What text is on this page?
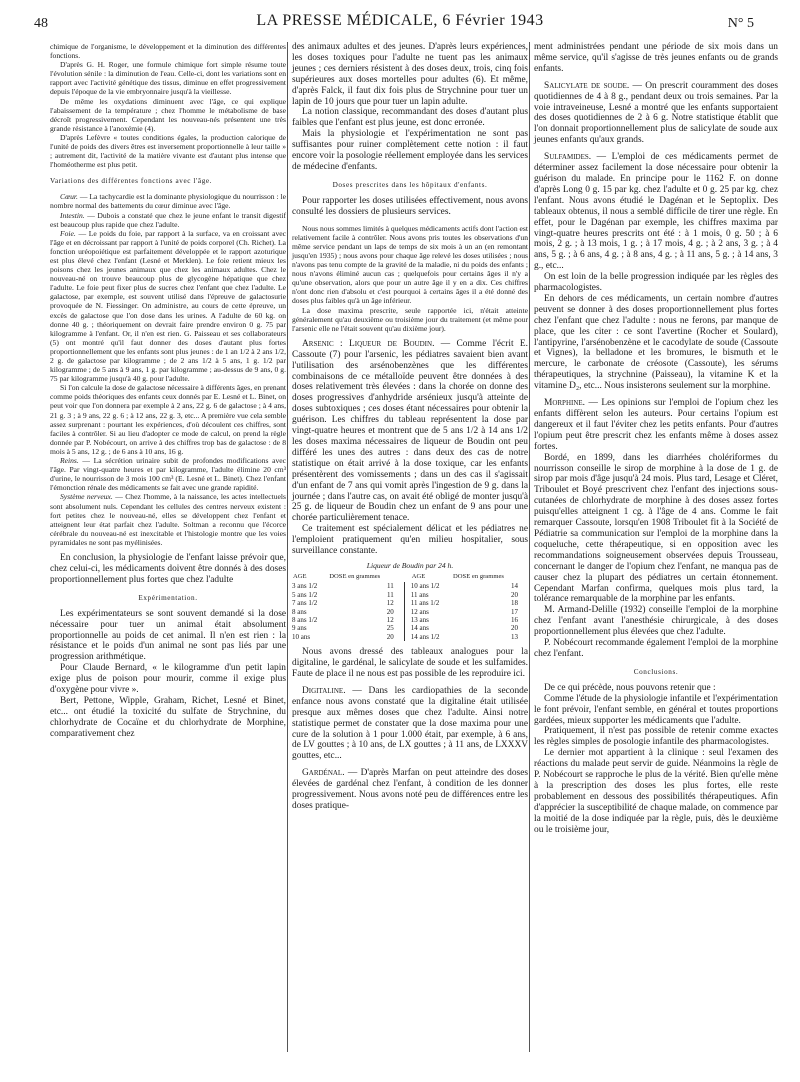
48	LA PRESSE MÉDICALE, 6 Février 1943	N° 5

chimique de l'organisme, le développement et la diminution des différentes fonctions.

D'après G. H. Roger, une formule chimique fort simple résume toute l'évolution sénile : la diminution de l'eau. Celle-ci, dont les variations sont en rapport avec l'activité génétique des tissus, diminue en effet progressivement depuis l'époque de la vie embryonnaire jusqu'à la vieillesse.

De même les oxydations diminuent avec l'âge, ce qui explique l'abaissement de la température ; chez l'homme le métabolisme de base décroît progressivement. Cependant les nouveau-nés présentent une très grande résistance à l'anoxémie (4).

D'après Lefèvre « toutes conditions égales, la production calorique de l'unité de poids des divers êtres est inversement proportionnelle à leur taille » ; autrement dit, l'activité de la matière vivante est d'autant plus intense que l'homéotherme est plus petit.

Variations des différentes fonctions avec l'âge.

Cœur. — La tachycardie est la dominante physiologique du nourrisson : le nombre normal des battements du cœur diminue avec l'âge.

Intestin. — Dubois a constaté que chez le jeune enfant le transit digestif est beaucoup plus rapide que chez l'adulte.

Foie. — Le poids du foie, par rapport à la surface, va en croissant avec l'âge et en décroissant par rapport à l'unité de poids corporel (Ch. Richet). La fonction uréopoiétique est parfaitement développée et le rapport azoturique est plus élevé chez l'enfant (Lesné et Merklen). Le foie retient mieux les poisons chez les jeunes animaux que chez les animaux adultes. Chez le nouveau-né on trouve beaucoup plus de glycogène hépatique que chez l'adulte. Le foie peut fixer plus de sucres chez l'enfant que chez l'adulte. Le galactose, par exemple, est souvent utilisé dans l'épreuve de galactosurie provoquée de N. Fiessinger. On administre, au cours de cette épreuve, un excès de galactose que l'on dose dans les urines. A l'adulte de 60 kg. on donne 40 g. ; théoriquement on devrait faire prendre environ 0 g. 75 par kilogramme à l'enfant. Or, il n'en est rien. G. Paisseau et ses collaborateurs (5) ont montré qu'il faut donner des doses d'autant plus fortes proportionnellement que les enfants sont plus jeunes : de 1 an 1/2 à 2 ans 1/2, 2 g. de galactose par kilogramme ; de 2 ans 1/2 à 5 ans, 1 g. 1/2 par kilogramme ; de 5 ans à 9 ans, 1 g. par kilogramme ; au-dessus de 9 ans, 0 g. 75 par kilogramme jusqu'à 40 g. pour l'adulte.

Si l'on calcule la dose de galactose nécessaire à différents âges, en prenant comme poids théoriques des enfants ceux donnés par E. Lesné et L. Binet, on peut voir que l'on donnera par exemple à 2 ans, 22 g. 6 de galactose ; à 4 ans, 21 g. 3 ; à 9 ans, 22 g. 6 ; à 12 ans, 22 g. 3, etc... A première vue cela semble assez surprenant : pourtant les expériences, d'où découlent ces chiffres, sont faciles à contrôler. Si au lieu d'adopter ce mode de calcul, on prend la règle donnée par P. Nobécourt, on arrive à des chiffres trop bas de galactose : de 8 mois à 5 ans, 12 g. ; de 6 ans à 10 ans, 16 g.

Reins. — La sécrétion urinaire subit de profondes modifications avec l'âge. Par vingt-quatre heures et par kilogramme, l'adulte élimine 20 cm³ d'urine, le nourrisson de 3 mois 100 cm³ (E. Lesné et L. Binet). Chez l'enfant l'émonction rénale des médicaments se fait avec une grande rapidité.

Système nerveux. — Chez l'homme, à la naissance, les actes intellectuels sont absolument nuls. Cependant les cellules des centres nerveux existent : fort petites chez le nouveau-né, elles se développent chez l'enfant et atteignent leur état parfait chez l'adulte. Soltman a reconnu que l'écorce cérébrale du nouveau-né est inexcitable et l'histologie montre que les voies pyramidales ne sont pas myélinisées.

En conclusion, la physiologie de l'enfant laisse prévoir que, chez celui-ci, les médicaments doivent être donnés à des doses proportionnellement plus fortes que chez l'adulte

Expérimentation.

Les expérimentateurs se sont souvent demandé si la dose nécessaire pour tuer un animal était absolument proportionnelle au poids de cet animal. Il n'en est rien : la résistance et le poids d'un animal ne sont pas liés par une progression arithmétique.

Pour Claude Bernard, « le kilogramme d'un petit lapin exige plus de poison pour mourir, comme il exige plus d'oxygène pour vivre ».

Bert, Pettone, Wipple, Graham, Richet, Lesné et Binet, etc... ont étudié la toxicité du sulfate de Strychnine, du chlorhydrate de Cocaïne et du chlorhydrate de Morphine, comparativement chez

des animaux adultes et des jeunes. D'après leurs expériences, les doses toxiques pour l'adulte ne tuent pas les animaux jeunes ; ces derniers résistent à des doses deux, trois, cinq fois supérieures aux doses mortelles pour adultes (6). Et même, d'après Falck, il faut dix fois plus de Strychnine pour tuer un lapin de 10 jours que pour tuer un lapin adulte.

La notion classique, recommandant des doses d'autant plus faibles que l'enfant est plus jeune, est donc erronée.

Mais la physiologie et l'expérimentation ne sont pas suffisantes pour ruiner complètement cette notion : il faut encore voir la posologie réellement employée dans les services de médecine d'enfants.

Doses prescrites dans les hôpitaux d'enfants.

Pour rapporter les doses utilisées effectivement, nous avons consulté les dossiers de plusieurs services.

Nous nous sommes limités à quelques médicaments actifs dont l'action est relativement facile à contrôler. Nous avons pris toutes les observations d'un même service pendant un laps de temps de six mois à un an (en remontant jusqu'en 1935) ; nous avons pour chaque âge relevé les doses utilisées ; nous n'avons pas tenu compte de la gravité de la maladie, ni du poids des enfants ; nous n'avons éliminé aucun cas ; quelquefois pour certains âges il n'y a qu'une observation, alors que pour un autre âge il y en a dix. Ces chiffres n'ont donc rien d'absolu et c'est pourquoi à certains âges il a été donné des doses plus faibles qu'à un âge inférieur.

La dose maxima prescrite, seule rapportée ici, n'était atteinte généralement qu'au deuxième ou troisième jour du traitement (et même pour l'arsenic elle ne l'était souvent qu'au dixième jour).

Arsenic : Liqueur de Boudin. — Comme l'écrit E. Cassoute (7) pour l'arsenic, les pédiatres savaient bien avant l'utilisation des arsénobenzènes que les différentes combinaisons de ce métalloïde peuvent être données à des doses relativement très élevées : dans la chorée on donne des doses progressives d'anhydride arsénieux jusqu'à atteinte de doses subtoxiques ; ces doses étant nécessaires pour obtenir la guérison. Les chiffres du tableau représentent la dose par vingt-quatre heures et montrent que de 5 ans 1/2 à 14 ans 1/2 les doses maxima nécessaires de liqueur de Boudin ont peu différé les unes des autres : dans deux des cas de notre statistique on était arrivé à la dose toxique, car les enfants présentèrent des vomissements ; dans un des cas il s'agissait d'un enfant de 7 ans qui vomit après l'ingestion de 9 g. dans la journée ; dans l'autre cas, on avait été obligé de monter jusqu'à 25 g. de liqueur de Boudin chez un enfant de 9 ans pour une chorée particulièrement tenace.

Ce traitement est spécialement délicat et les pédiatres ne l'emploient pratiquement qu'en milieu hospitalier, sous surveillance constante.

Liqueur de Boudin par 24 h.

AGE	DOSE en grammes		AGE	DOSE en grammes
3 ans 1/2	11		10 ans 1/2	14
5 ans 1/2	11		11 ans	20
7 ans 1/2	12		11 ans 1/2	18
8 ans	20		12 ans	17
8 ans 1/2	12		13 ans	16
9 ans	25		14 ans	20
10 ans	20		14 ans 1/2	13

Nous avons dressé des tableaux analogues pour la digitaline, le gardénal, le salicylate de soude et les sulfamides. Faute de place il ne nous est pas possible de les reproduire ici.

Digitaline. — Dans les cardiopathies de la seconde enfance nous avons constaté que la digitaline était utilisée presque aux mêmes doses que chez l'adulte. Ainsi notre statistique permet de constater que la dose maxima pour une cure de la solution à 1 pour 1.000 était, par exemple, à 6 ans, de LV gouttes ; à 10 ans, de LX gouttes ; à 11 ans, de LXXXV gouttes, etc...

Gardénal. — D'après Marfan on peut atteindre des doses élevées de gardénal chez l'enfant, à condition de les donner progressivement. Nous avons noté peu de différences entre les doses pratique-

ment administrées pendant une période de six mois dans un même service, qu'il s'agisse de très jeunes enfants ou de grands enfants.

Salicylate de soude. — On prescrit couramment des doses quotidiennes de 4 à 8 g., pendant deux ou trois semaines. Par la voie intraveineuse, Lesné a montré que les enfants supportaient des doses quotidiennes de 2 à 6 g. Notre statistique établit que l'on donnait proportionnellement plus de salicylate de soude aux jeunes enfants qu'aux grands.

Sulfamides. — L'emploi de ces médicaments permet de déterminer assez facilement la dose nécessaire pour obtenir la guérison du malade. En principe pour le 1162 F. on donne d'après Long 0 g. 15 par kg. chez l'adulte et 0 g. 25 par kg. chez l'enfant. Nous avons étudié le Dagénan et le Septoplix. Des tableaux obtenus, il nous a semblé difficile de tirer une règle. En effet, pour le Dagénan par exemple, les chiffres maxima par vingt-quatre heures prescrits ont été : à 1 mois, 0 g. 50 ; à 6 mois, 2 g. ; à 13 mois, 1 g. ; à 17 mois, 4 g. ; à 2 ans, 3 g. ; à 4 ans, 5 g. ; à 6 ans, 4 g. ; à 8 ans, 4 g. ; à 11 ans, 5 g. ; à 14 ans, 3 g., etc...

On est loin de la belle progression indiquée par les règles des pharmacologistes.

En dehors de ces médicaments, un certain nombre d'autres peuvent se donner à des doses proportionnellement plus fortes chez l'enfant que chez l'adulte : nous ne ferons, par manque de place, que les citer : ce sont l'avertine (Rocher et Soulard), l'antipyrine, l'arsénobenzène et le cacodylate de soude (Cassoute et Vignes), la belladone et les bromures, le bismuth et le mercure, le carbonate de créosote (Cassoute), les sérums thérapeutiques, la strychnine (Paisseau), la vitamine K et la vitamine D₂, etc... Nous insisterons seulement sur la morphine.

Morphine. — Les opinions sur l'emploi de l'opium chez les enfants diffèrent selon les auteurs. Pour certains l'opium est dangereux et il faut l'éviter chez les petits enfants. Pour d'autres l'opium peut être prescrit chez les enfants même à doses assez fortes.

Bordé, en 1899, dans les diarrhées cholériformes du nourrisson conseille le sirop de morphine à la dose de 1 g. de sirop par mois d'âge jusqu'à 24 mois. Plus tard, Lesage et Cléret, Triboulet et Boyé prescrivent chez l'enfant des injections sous-cutanées de chlorhydrate de morphine à des doses assez fortes puisqu'elles atteignent 1 cg. à l'âge de 4 ans. Comme le fait remarquer Cassoute, lorsqu'en 1908 Triboulet fit à la Société de Pédiatrie sa communication sur l'emploi de la morphine dans la coqueluche, cette thérapeutique, si en opposition avec les recommandations soigneusement observées depuis Trousseau, concernant le danger de l'opium chez l'enfant, ne manqua pas de causer chez la plupart des pédiatres un certain étonnement. Cependant Marfan confirma, quelques mois plus tard, la tolérance remarquable de la morphine par les enfants.

M. Armand-Delille (1932) conseille l'emploi de la morphine chez l'enfant avant l'anesthésie chirurgicale, à des doses proportionnellement plus élevées que chez l'adulte.

P. Nobécourt recommande également l'emploi de la morphine chez l'enfant.

Conclusions.

De ce qui précède, nous pouvons retenir que :

Comme l'étude de la physiologie infantile et l'expérimentation le font prévoir, l'enfant semble, en général et toutes proportions gardées, mieux supporter les médicaments que l'adulte.

Pratiquement, il n'est pas possible de retenir comme exactes les règles simples de posologie infantile des pharmacologistes.

Le dernier mot appartient à la clinique : seul l'examen des réactions du malade peut servir de guide. Néanmoins la règle de P. Nobécourt se rapproche le plus de la vérité. Bien qu'elle mène à la prescription des doses les plus fortes, elle reste probablement en dessous des possibilités thérapeutiques. Afin d'apprécier la susceptibilité de chaque malade, on commence par la moitié de la dose indiquée par la règle, puis, dès le deuxième ou le troisième jour,
